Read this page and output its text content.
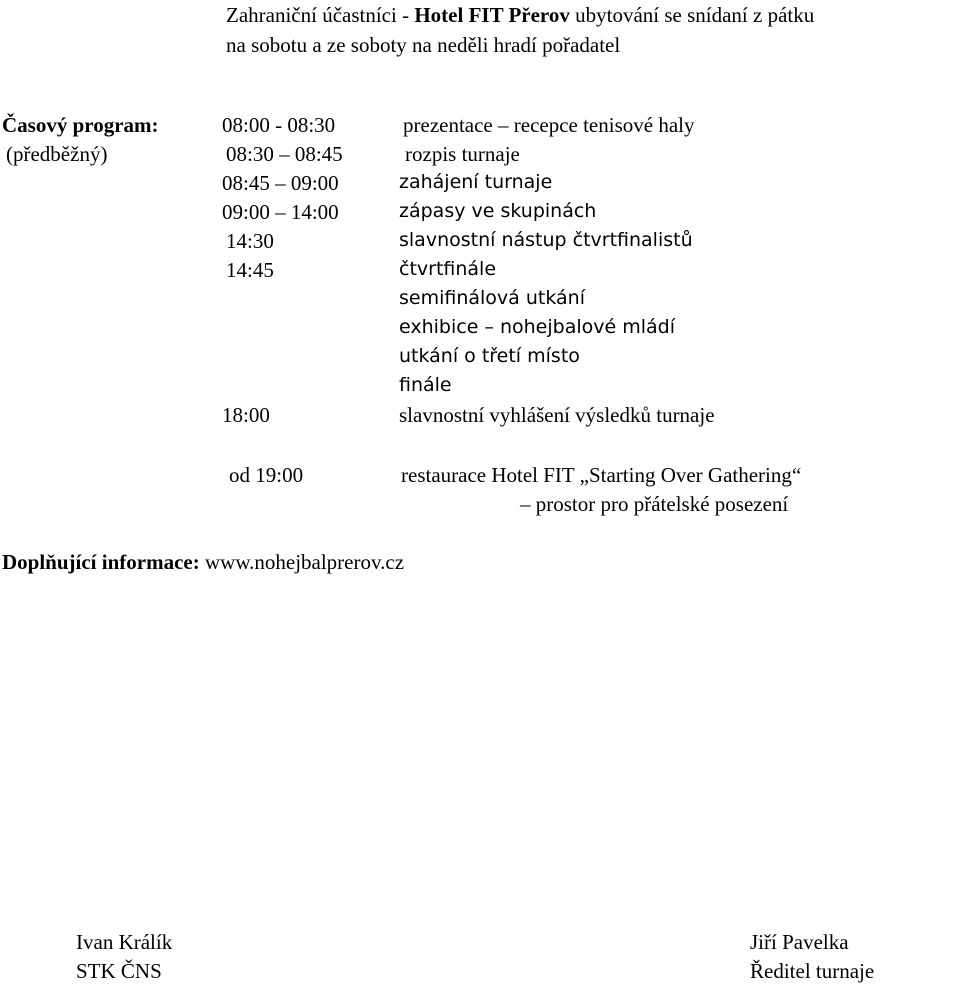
Zahraniční účastníci - Hotel FIT Přerov ubytování se snídaní z pátku
na sobotu a ze soboty na neděli hradí pořadatel
Časový program:
(předběžný)
08:00 - 08:30	prezentace – recepce tenisové haly
08:30 – 08:45	rozpis turnaje
08:45 – 09:00	zahájení turnaje
09:00 – 14:00	zápasy ve skupinách
14:30	slavnostní nástup čtvrtfinalistů
14:45	čtvrtfinále
semifinálová utkání
exhibice – nohejbalové mládí
utkání o třetí místo
finále
18:00	slavnostní vyhlášení výsledků turnaje
od 19:00	restaurace Hotel FIT „Starting Over Gathering“
– prostor pro přátelské posezení
Doplňující informace: www.nohejbalprerov.cz
Ivan Králík
STK ČNS
Jiří Pavelka
Ředitel turnaje
